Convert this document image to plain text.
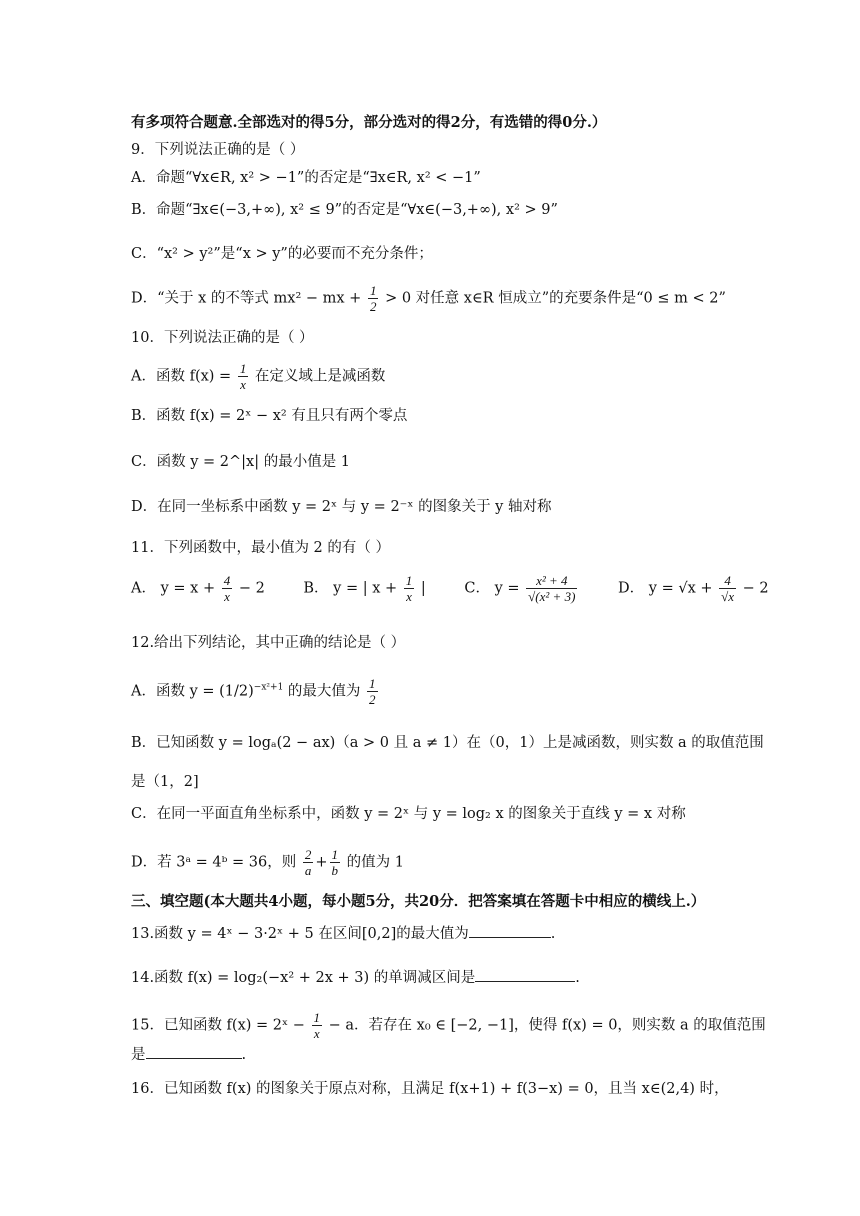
有多项符合题意.全部选对的得5分，部分选对的得2分，有选错的得0分.）
9．下列说法正确的是（ ）
A．命题“∀x∈R, x² > −1”的否定是“∃x∈R, x² < −1”
B．命题“∃x∈(−3,+∞), x² ≤ 9”的否定是“∀x∈(−3,+∞), x² > 9”
C．“x² > y²”是“x > y”的必要而不充分条件；
D．“关于 x 的不等式 mx² − mx + $\frac{1}{2} > 0$ 对任意 x∈R 恒成立”的充要条件是“0 ≤ m < 2”
10．下列说法正确的是（ ）
A．函数 $f(x) = \frac{1}{x}$ 在定义域上是减函数
B．函数 f(x) = 2ˣ − x² 有且只有两个零点
C．函数 y = 2^|x| 的最小值是 1
D．在同一坐标系中函数 y = 2ˣ 与 y = 2⁻ˣ 的图象关于 y 轴对称
11．下列函数中，最小值为 2 的有（ ）
A． $y = x + \frac{4}{x} - 2$	B． y = | $x + \frac{1}{x}$ |	C． $y = \frac{\text{x² + 4}}{\text{√(x² + 3)}}$	D． $y = √x + \frac{4}{√x} - 2$
12.给出下列结论，其中正确的结论是（ ）
A．函数 $y = (1/2)^{-x^2+1}$ 的最大值为 $\frac{1}{2}$
B．已知函数 y = logₐ(2 − ax)（a > 0 且 a ≠ 1）在（0，1）上是减函数，则实数 a 的取值范围
是（1，2]
C．在同一平面直角坐标系中，函数 y = 2ˣ 与 y = log₂ x 的图象关于直线 y = x 对称
D．若 3ᵃ = 4ᵇ = 36，则 $\frac{2}{a} + \frac{1}{b}$ 的值为 1
三、填空题(本大题共4小题，每小题5分，共20分．把答案填在答题卡中相应的横线上.）
13.函数 y = 4ˣ − 3·2ˣ + 5 在区间[0,2]的最大值为	.
14.函数 f(x) = log₂(−x² + 2x + 3) 的单调减区间是	.
15．已知函数 f(x) = 2ˣ − $\frac{1}{x} - a$．若存在 x₀ ∈ [−2, −1]，使得 f(x) = 0，则实数 a 的取值范围
是	.
16．已知函数 f(x) 的图象关于原点对称，且满足 f(x+1) + f(3−x) = 0，且当 x∈(2,4) 时，
